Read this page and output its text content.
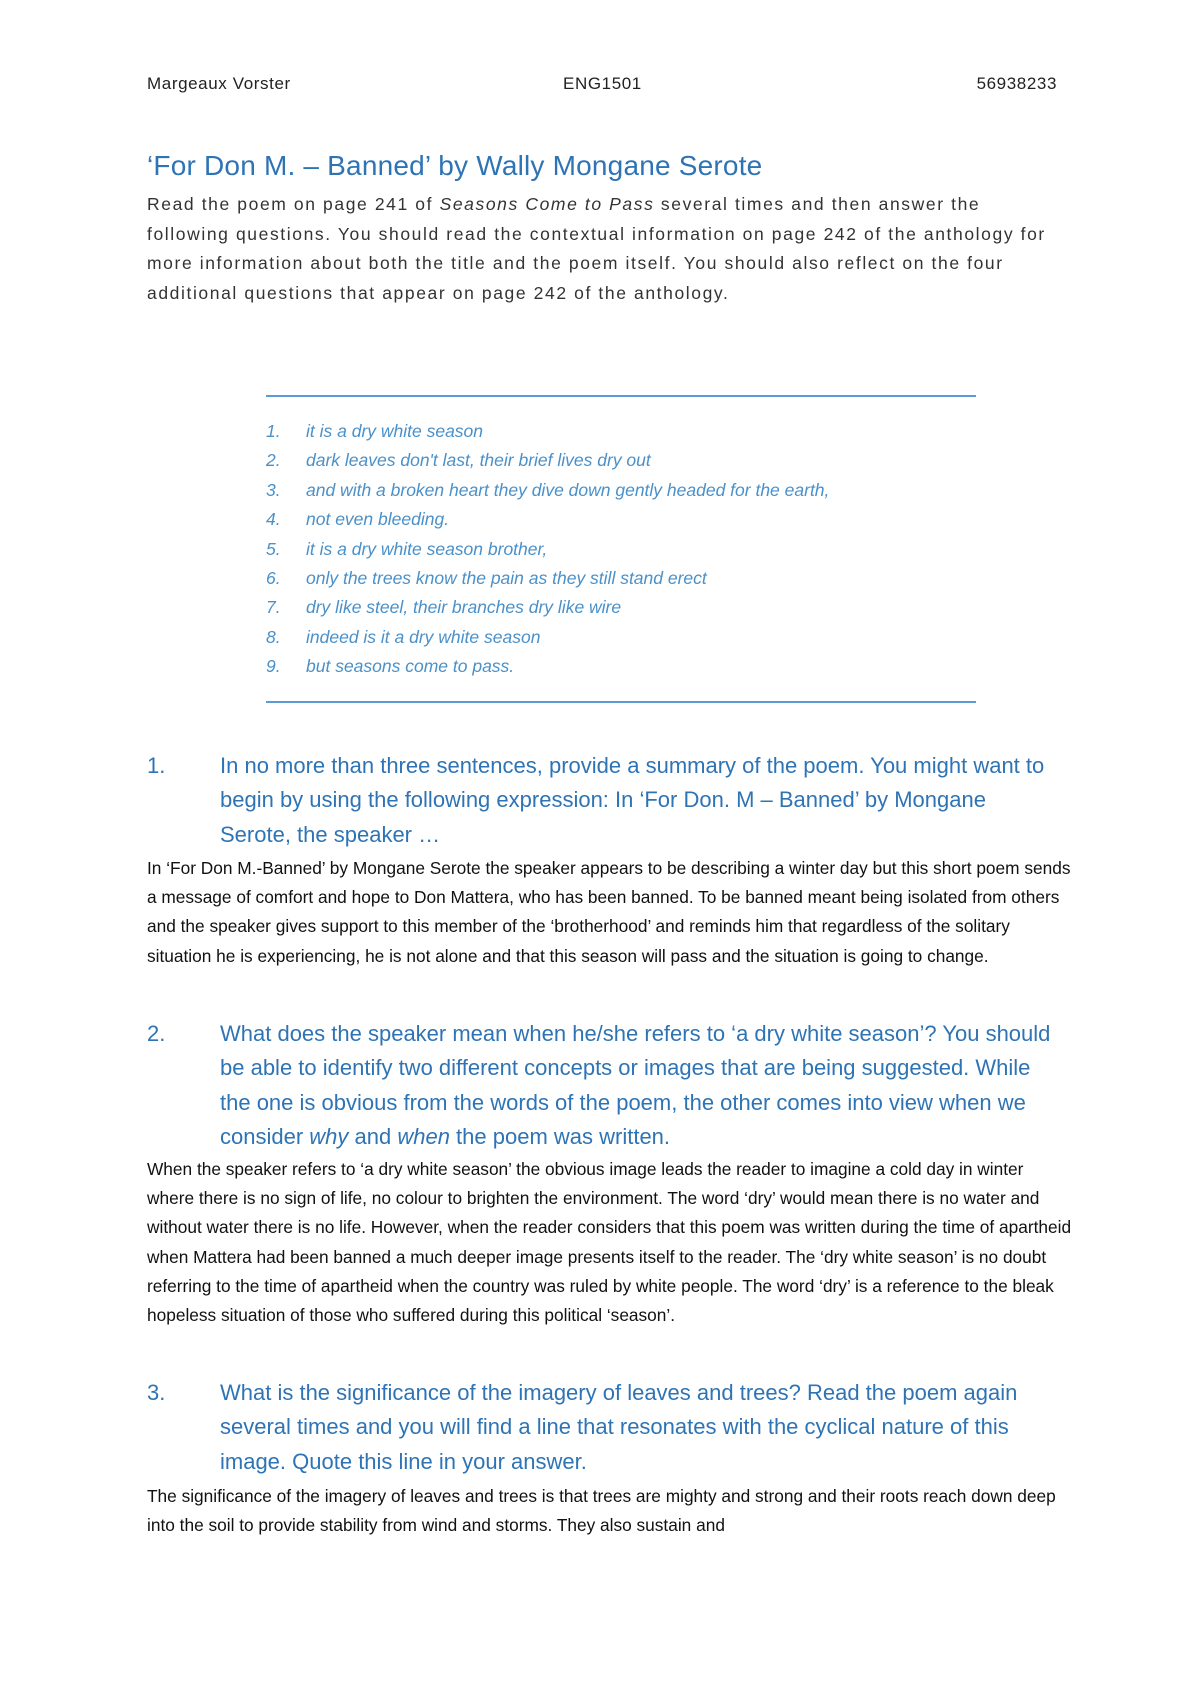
Margeaux Vorster	ENG1501	56938233
‘For Don M. – Banned’ by Wally Mongane Serote

Read the poem on page 241 of Seasons Come to Pass several times and then answer the following questions. You should read the contextual information on page 242 of the anthology for more information about both the title and the poem itself. You should also reflect on the four additional questions that appear on page 242 of the anthology.

1. it is a dry white season
2. dark leaves don't last, their brief lives dry out
3. and with a broken heart they dive down gently headed for the earth,
4. not even bleeding.
5. it is a dry white season brother,
6. only the trees know the pain as they still stand erect
7. dry like steel, their branches dry like wire
8. indeed is it a dry white season
9. but seasons come to pass.
1. In no more than three sentences, provide a summary of the poem. You might want to begin by using the following expression: In ‘For Don. M – Banned’ by Mongane Serote, the speaker …

In ‘For Don M.-Banned’ by Mongane Serote the speaker appears to be describing a winter day but this short poem sends a message of comfort and hope to Don Mattera, who has been banned. To be banned meant being isolated from others and the speaker gives support to this member of the ‘brotherhood’ and reminds him that regardless of the solitary situation he is experiencing, he is not alone and that this season will pass and the situation is going to change.

2. What does the speaker mean when he/she refers to ‘a dry white season’? You should be able to identify two different concepts or images that are being suggested. While the one is obvious from the words of the poem, the other comes into view when we consider why and when the poem was written.

When the speaker refers to ‘a dry white season’ the obvious image leads the reader to imagine a cold day in winter where there is no sign of life, no colour to brighten the environment. The word ‘dry’ would mean there is no water and without water there is no life. However, when the reader considers that this poem was written during the time of apartheid when Mattera had been banned a much deeper image presents itself to the reader. The ‘dry white season’ is no doubt referring to the time of apartheid when the country was ruled by white people. The word ‘dry’ is a reference to the bleak hopeless situation of those who suffered during this political ‘season’.

3. What is the significance of the imagery of leaves and trees? Read the poem again several times and you will find a line that resonates with the cyclical nature of this image. Quote this line in your answer.

The significance of the imagery of leaves and trees is that trees are mighty and strong and their roots reach down deep into the soil to provide stability from wind and storms. They also sustain and
